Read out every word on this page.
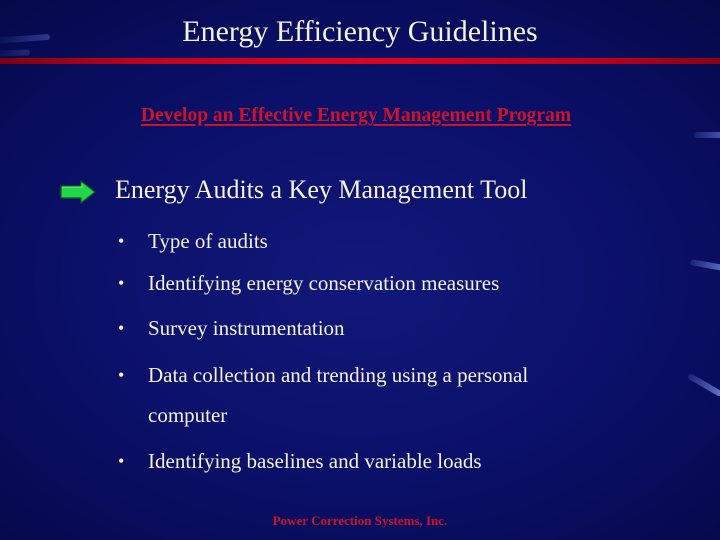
Energy Efficiency Guidelines
Develop an Effective Energy Management Program
Energy Audits a Key Management Tool
• Type of audits
• Identifying energy conservation measures
• Survey instrumentation
• Data collection and trending using a personal
computer
• Identifying baselines and variable loads
Power Correction Systems, Inc.
